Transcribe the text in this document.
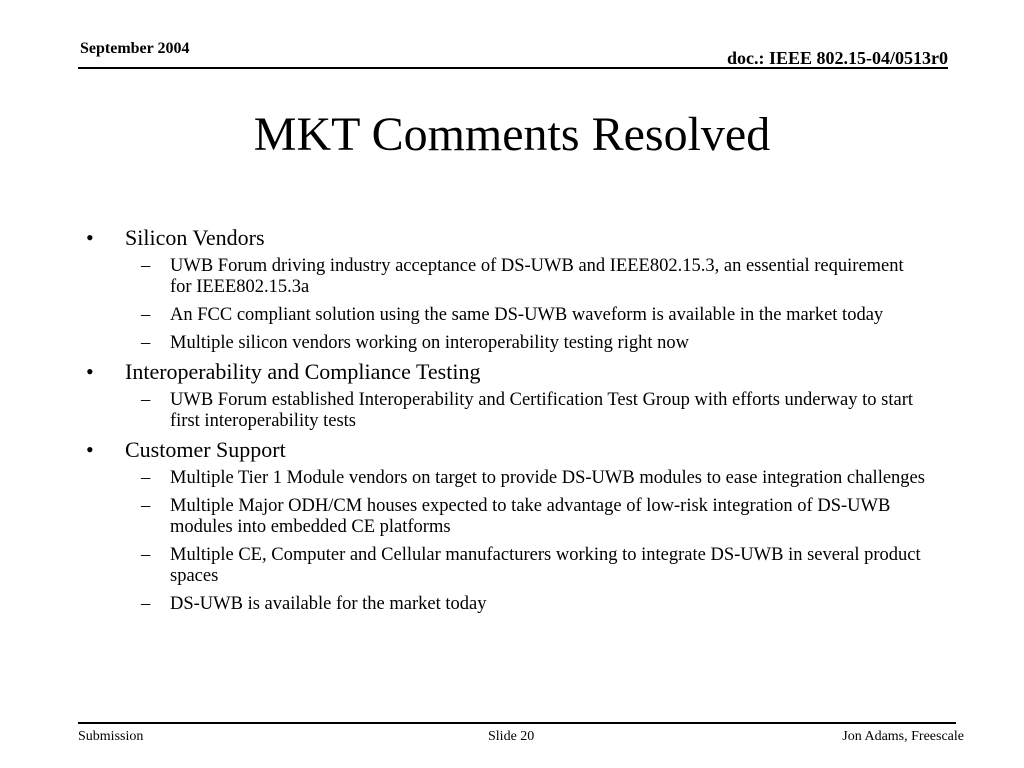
September 2004	doc.: IEEE 802.15-04/0513r0
MKT Comments Resolved
• Silicon Vendors
– UWB Forum driving industry acceptance of DS-UWB and IEEE802.15.3, an essential requirement for IEEE802.15.3a
– An FCC compliant solution using the same DS-UWB waveform is available in the market today
– Multiple silicon vendors working on interoperability testing right now
• Interoperability and Compliance Testing
– UWB Forum established Interoperability and Certification Test Group with efforts underway to start first interoperability tests
• Customer Support
– Multiple Tier 1 Module vendors on target to provide DS-UWB modules to ease integration challenges
– Multiple Major ODH/CM houses expected to take advantage of low-risk integration of DS-UWB modules into embedded CE platforms
– Multiple CE, Computer and Cellular manufacturers working to integrate DS-UWB in several product spaces
– DS-UWB is available for the market today
Submission	Slide 20	Jon Adams, Freescale
